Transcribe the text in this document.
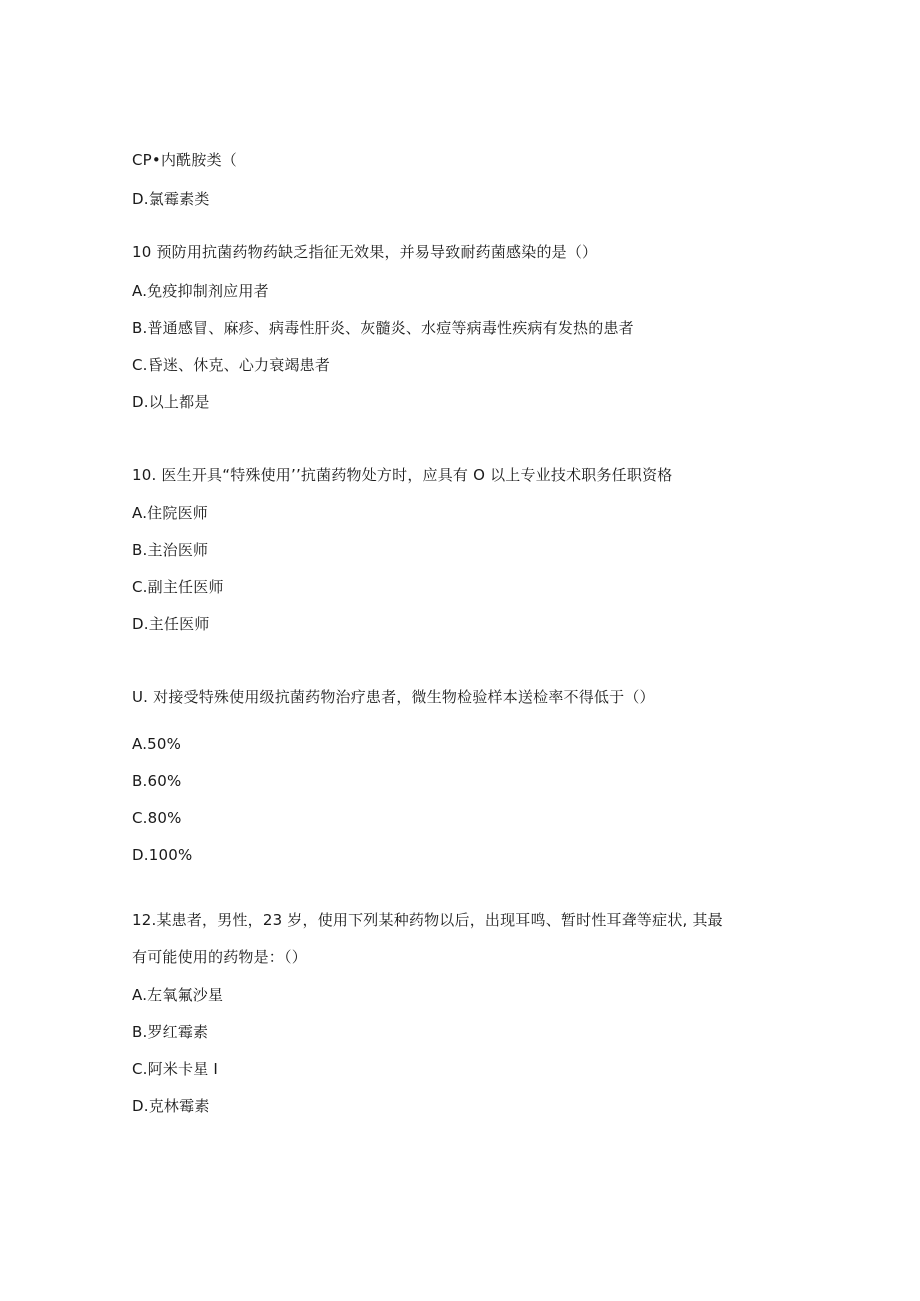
CP•内酰胺类（
D.氯霉素类
10 预防用抗菌药物药缺乏指征无效果，并易导致耐药菌感染的是（）
A.免疫抑制剂应用者
B.普通感冒、麻疹、病毒性肝炎、灰髓炎、水痘等病毒性疾病有发热的患者
C.昏迷、休克、心力衰竭患者
D.以上都是
10. 医生开具“特殊使用’’抗菌药物处方时，应具有 O 以上专业技术职务任职资格
A.住院医师
B.主治医师
C.副主任医师
D.主任医师
U. 对接受特殊使用级抗菌药物治疗患者，微生物检验样本送检率不得低于（）
A.50%
B.60%
C.80%
D.100%
12.某患者，男性，23 岁，使用下列某种药物以后，出现耳鸣、暂时性耳聋等症状, 其最
有可能使用的药物是：（）
A.左氧氟沙星
B.罗红霉素
C.阿米卡星 I
D.克林霉素
